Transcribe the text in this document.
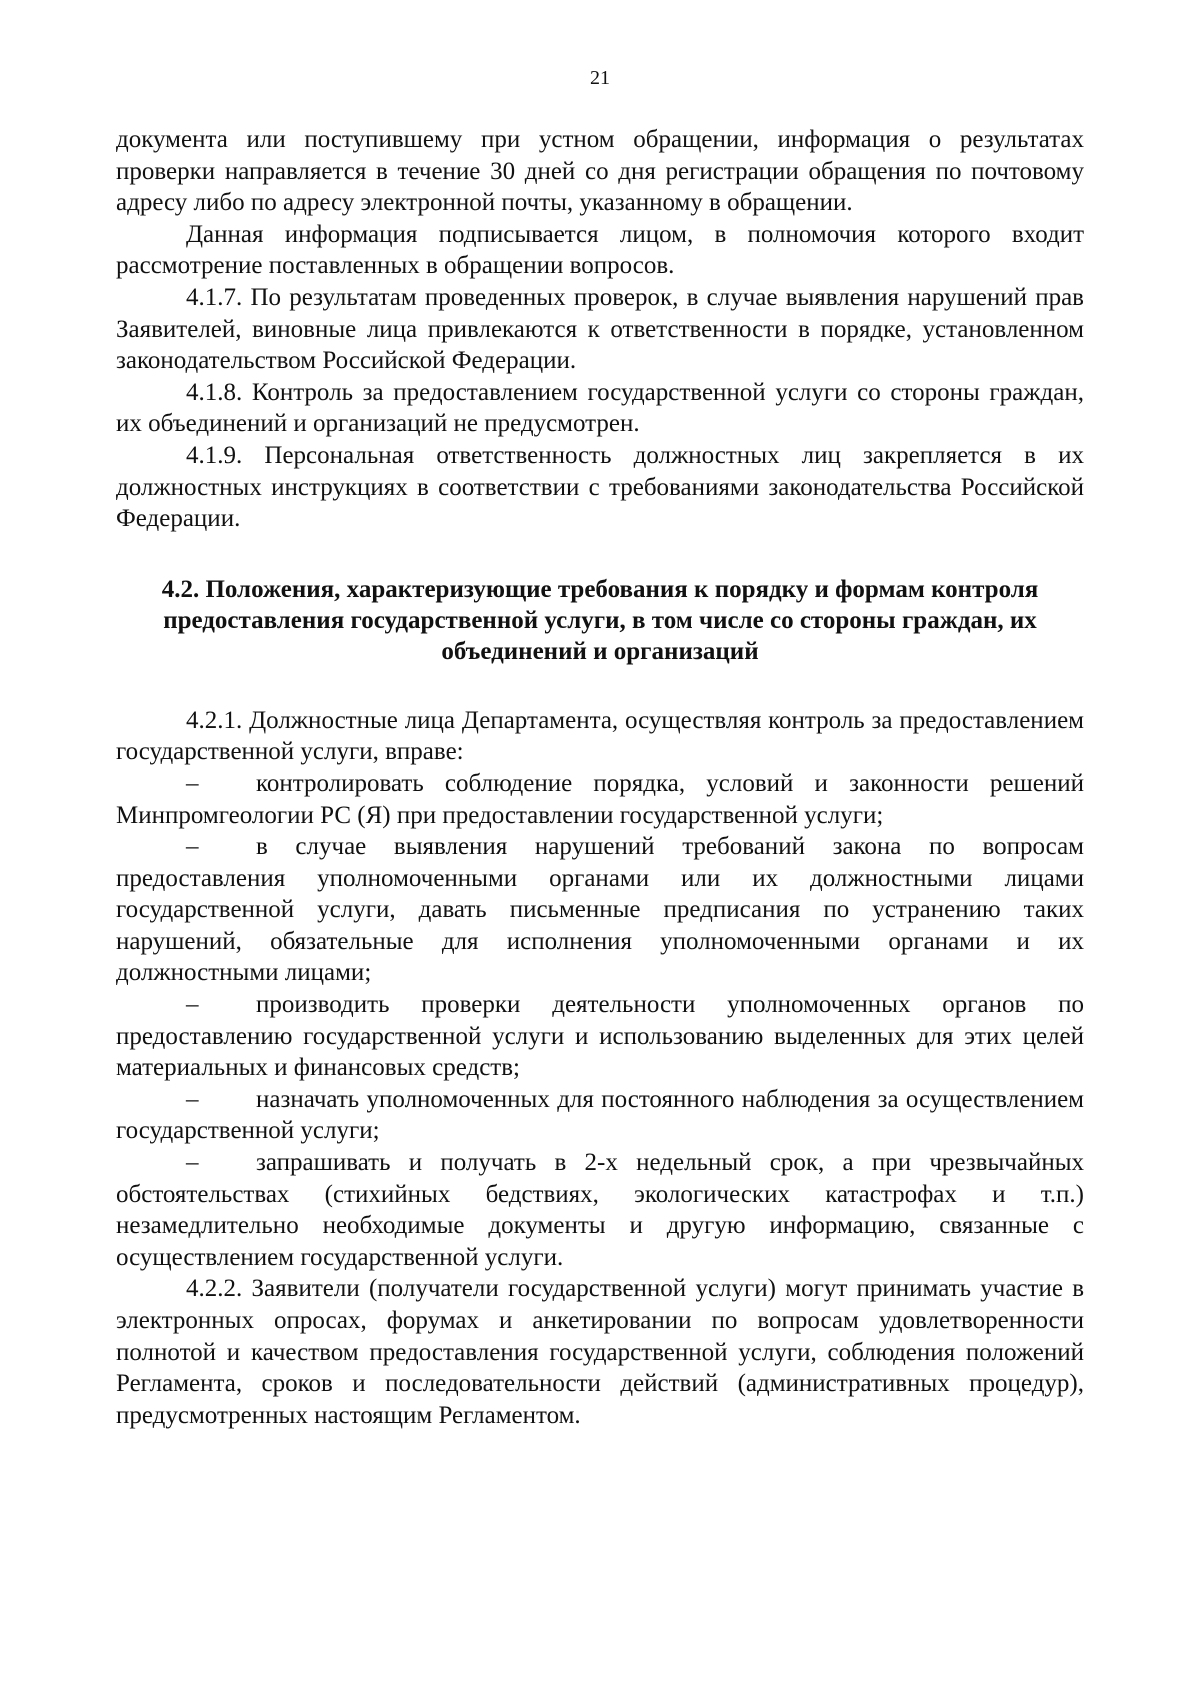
21

документа или поступившему при устном обращении, информация о результатах проверки направляется в течение 30 дней со дня регистрации обращения по почтовому адресу либо по адресу электронной почты, указанному в обращении.

Данная информация подписывается лицом, в полномочия которого входит рассмотрение поставленных в обращении вопросов.

4.1.7. По результатам проведенных проверок, в случае выявления нарушений прав Заявителей, виновные лица привлекаются к ответственности в порядке, установленном законодательством Российской Федерации.

4.1.8. Контроль за предоставлением государственной услуги со стороны граждан, их объединений и организаций не предусмотрен.

4.1.9. Персональная ответственность должностных лиц закрепляется в их должностных инструкциях в соответствии с требованиями законодательства Российской Федерации.

4.2. Положения, характеризующие требования к порядку и формам контроля предоставления государственной услуги, в том числе со стороны граждан, их объединений и организаций

4.2.1. Должностные лица Департамента, осуществляя контроль за предоставлением государственной услуги, вправе:

– контролировать соблюдение порядка, условий и законности решений Минпромгеологии РС (Я) при предоставлении государственной услуги;

– в случае выявления нарушений требований закона по вопросам предоставления уполномоченными органами или их должностными лицами государственной услуги, давать письменные предписания по устранению таких нарушений, обязательные для исполнения уполномоченными органами и их должностными лицами;

– производить проверки деятельности уполномоченных органов по предоставлению государственной услуги и использованию выделенных для этих целей материальных и финансовых средств;

– назначать уполномоченных для постоянного наблюдения за осуществлением государственной услуги;

– запрашивать и получать в 2-х недельный срок, а при чрезвычайных обстоятельствах (стихийных бедствиях, экологических катастрофах и т.п.) незамедлительно необходимые документы и другую информацию, связанные с осуществлением государственной услуги.

4.2.2. Заявители (получатели государственной услуги) могут принимать участие в электронных опросах, форумах и анкетировании по вопросам удовлетворенности полнотой и качеством предоставления государственной услуги, соблюдения положений Регламента, сроков и последовательности действий (административных процедур), предусмотренных настоящим Регламентом.
